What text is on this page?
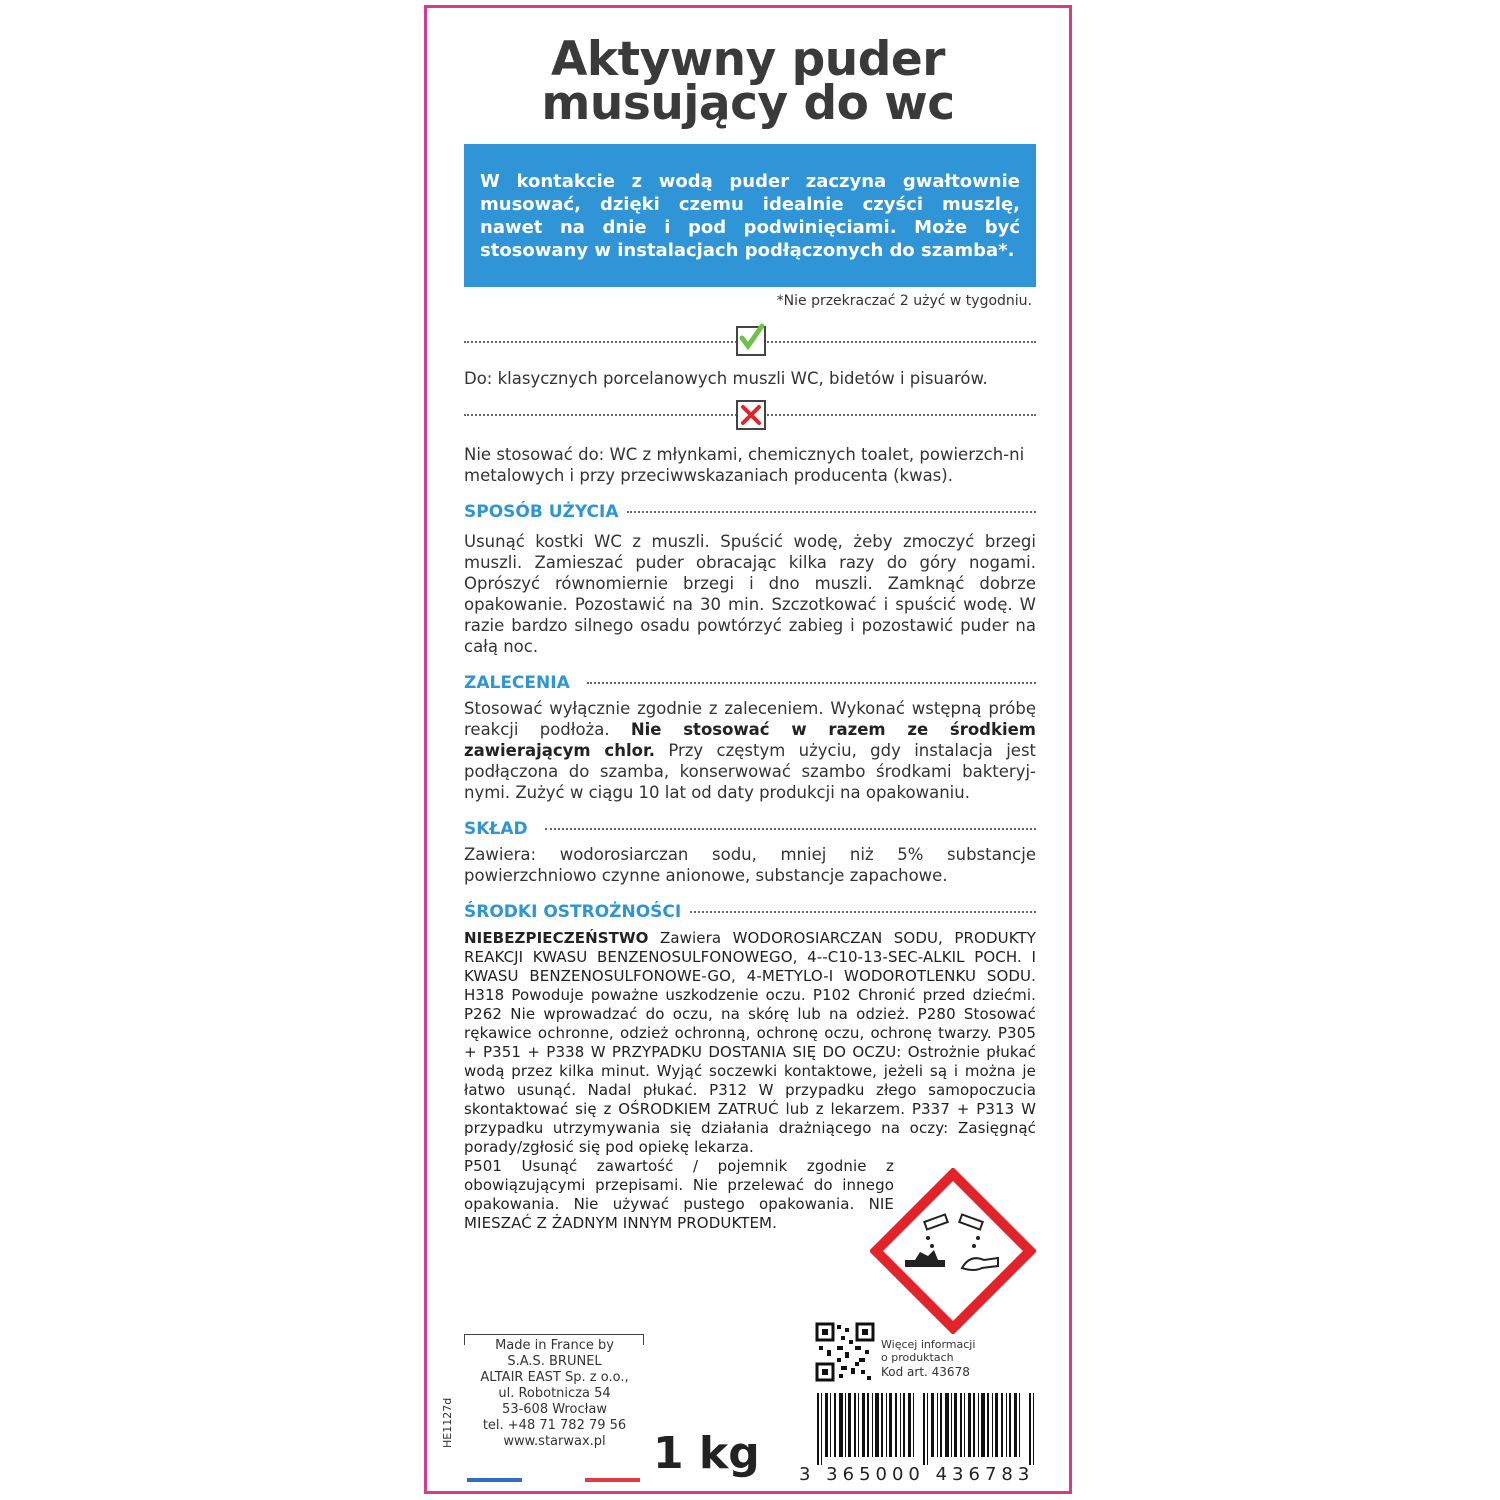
Aktywny puder
musujący do wc
W kontakcie z wodą puder zaczyna gwałtownie musować, dzięki czemu idealnie czyści muszlę, nawet na dnie i pod podwinięciami. Może być stosowany w instalacjach podłączonych do szamba*.
*Nie przekraczać 2 użyć w tygodniu.
Do: klasycznych porcelanowych muszli WC, bidetów i pisuarów.
Nie stosować do: WC z młynkami, chemicznych toalet, powierzch-ni metalowych i przy przeciwwskazaniach producenta (kwas).
SPOSÓB UŻYCIA
Usunąć kostki WC z muszli. Spuścić wodę, żeby zmoczyć brzegi muszli. Zamieszać puder obracając kilka razy do góry nogami. Oprószyć równomiernie brzegi i dno muszli. Zamknąć dobrze opakowanie. Pozostawić na 30 min. Szczotkować i spuścić wodę. W razie bardzo silnego osadu powtórzyć zabieg i pozostawić puder na całą noc.
ZALECENIA
Stosować wyłącznie zgodnie z zaleceniem. Wykonać wstępną próbę reakcji podłoża. Nie stosować w razem ze środkiem zawierającym chlor. Przy częstym użyciu, gdy instalacja jest podłączona do szamba, konserwować szambo środkami bakteryj-nymi. Zużyć w ciągu 10 lat od daty produkcji na opakowaniu.
SKŁAD
Zawiera: wodorosiarczan sodu, mniej niż 5% substancje powierzchniowo czynne anionowe, substancje zapachowe.
ŚRODKI OSTROŻNOŚCI
NIEBEZPIECZEŃSTWO Zawiera WODOROSIARCZAN SODU, PRODUKTY REAKCJI KWASU BENZENOSULFONOWEGO, 4--C10-13-SEC-ALKIL POCH. I KWASU BENZENOSULFONOWE-GO, 4-METYLO-I WODOROTLENKU SODU. H318 Powoduje poważne uszkodzenie oczu. P102 Chronić przed dziećmi. P262 Nie wprowadzać do oczu, na skórę lub na odzież. P280 Stosować rękawice ochronne, odzież ochronną, ochronę oczu, ochronę twarzy. P305 + P351 + P338 W PRZYPADKU DOSTANIA SIĘ DO OCZU: Ostrożnie płukać wodą przez kilka minut. Wyjąć soczewki kontaktowe, jeżeli są i można je łatwo usunąć. Nadal płukać. P312 W przypadku złego samopoczucia skontaktować się z OŚRODKIEM ZATRUĆ lub z lekarzem. P337 + P313 W przypadku utrzymywania się działania drażniącego na oczy: Zasięgnąć porady/zgłosić się pod opiekę lekarza.
P501 Usunąć zawartość / pojemnik zgodnie z obowiązującymi przepisami. Nie przelewać do innego opakowania. Nie używać pustego opakowania. NIE MIESZAĆ Z ŻADNYM INNYM PRODUKTEM.
Made in France by
S.A.S. BRUNEL
ALTAIR EAST Sp. z o.o.,
ul. Robotnicza 54
53-608 Wrocław
tel. +48 71 782 79 56
www.starwax.pl
HE1127d
1 kg
Więcej informacji
o produktach
Kod art. 43678
3 365000 436783
